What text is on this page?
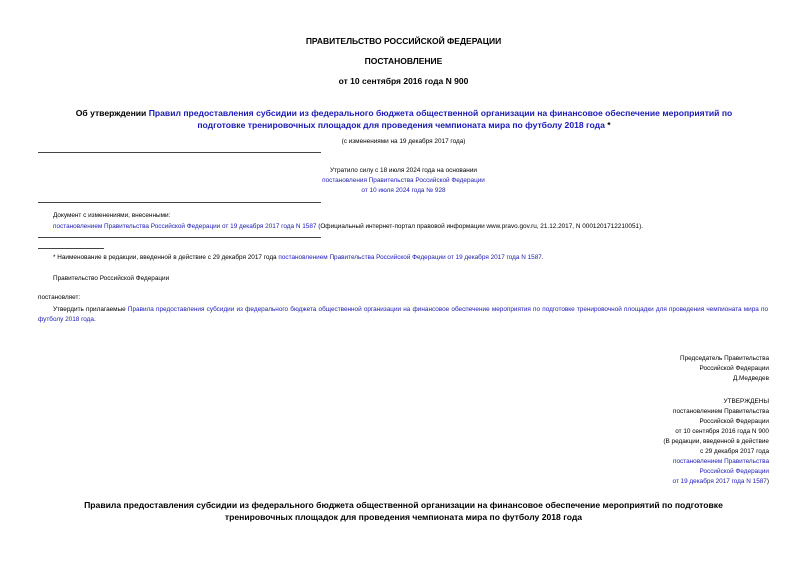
ПРАВИТЕЛЬСТВО РОССИЙСКОЙ ФЕДЕРАЦИИ
ПОСТАНОВЛЕНИЕ
от 10 сентября 2016 года N 900
Об утверждении Правил предоставления субсидии из федерального бюджета общественной организации на финансовое обеспечение мероприятий по подготовке тренировочных площадок для проведения чемпионата мира по футболу 2018 года *
(с изменениями на 19 декабря 2017 года)
Утратило силу с 18 июля 2024 года на основании
постановления Правительства Российской Федерации
от 10 июля 2024 года № 928
Документ с изменениями, внесенными:
постановлением Правительства Российской Федерации от 19 декабря 2017 года N 1587 (Официальный интернет-портал правовой информации www.pravo.gov.ru, 21.12.2017, N 0001201712210051).
* Наименование в редакции, введенной в действие с 29 декабря 2017 года постановлением Правительства Российской Федерации от 19 декабря 2017 года N 1587.
Правительство Российской Федерации
постановляет:
Утвердить прилагаемые Правила предоставления субсидии из федерального бюджета общественной организации на финансовое обеспечение мероприятия по подготовке тренировочной площадки для проведения чемпионата мира по футболу 2018 года.
Председатель Правительства
Российской Федерации
Д.Медведев
УТВЕРЖДЕНЫ
постановлением Правительства
Российской Федерации
от 10 сентября 2016 года N 900
(В редакции, введенной в действие
с 29 декабря 2017 года
постановлением Правительства
Российской Федерации
от 19 декабря 2017 года N 1587)
Правила предоставления субсидии из федерального бюджета общественной организации на финансовое обеспечение мероприятий по подготовке
тренировочных площадок для проведения чемпионата мира по футболу 2018 года
